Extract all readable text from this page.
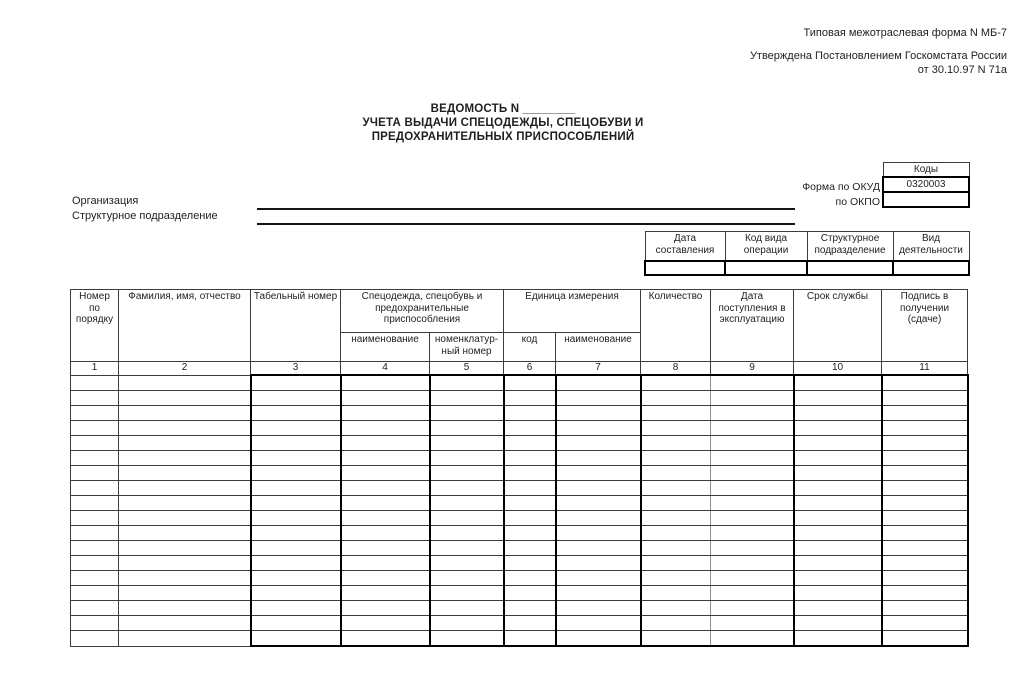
Типовая межотраслевая форма N МБ-7
Утверждена Постановлением Госкомстата России
от 30.10.97 N 71а
ВЕДОМОСТЬ N ________
УЧЕТА ВЫДАЧИ СПЕЦОДЕЖДЫ, СПЕЦОБУВИ И
ПРЕДОХРАНИТЕЛЬНЫХ ПРИСПОСОБЛЕНИЙ
Коды
0320003

Форма по ОКУД
по ОКПО
Организация
Структурное подразделение
Дата составления	Код вида операции	Структурное подразделение	Вид деятельности

Номер по порядку	Фамилия, имя, отчество	Табельный номер	Спецодежда, спецобувь и предохранительные приспособления		Единица измерения		Количество	Дата поступления в эксплуатацию	Срок службы	Подпись в получении (сдаче)
			наименование	номенклатур-ный номер	код	наименование				
1	2	3	4	5	6	7	8	9	10	11
